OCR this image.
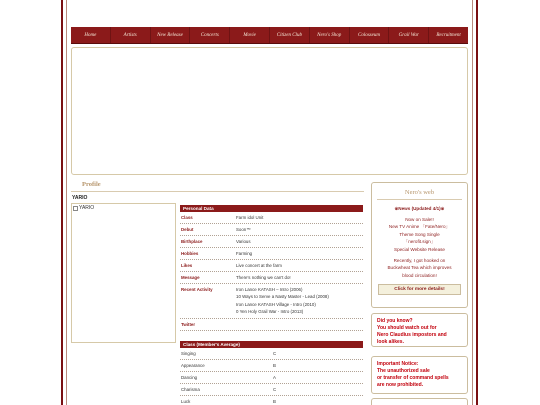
Home	Artists	New Release	Concerts	Movie	Citizen Club	Nero's Shop	Colosseum	Grail War	Recruitment
Profile
YARIO
YARIO	Personal Data
Class	Farm idol Unit
Debut	Soon™
Birthplace	Various
Hobbies	Farming
Likes	Live concert at the farm
Message	There's nothing we can't do!
Recent Activity	Iron Lance KATASH – Intro (2006)
10 Ways to Serve a Nasty Master - Lead (2008)
Iron Lance KATASH Village - Intro (2010)
0 Yen Holy Grail War - Intro (2013)
Twitter
Class (Member's Average)
Singing	C
Appearance	B
Dancing	A
Charisma	C
Luck	B
Nero's web
※News (Updated 4/1)※
Now on Sale!!
New TV Anime 「Fate/Nero」
Theme Song Single
「nerofit.sign」
Special Website Release
Recently, I got hooked on
Buckwheat Tea which improves
blood circulation!
Click for more details!
Did you know?
You should watch out for
Nero Claudius impostors and
look alikes.
Important Notice:
The unauthorized sale
or transfer of command spells
are now prohibited.
